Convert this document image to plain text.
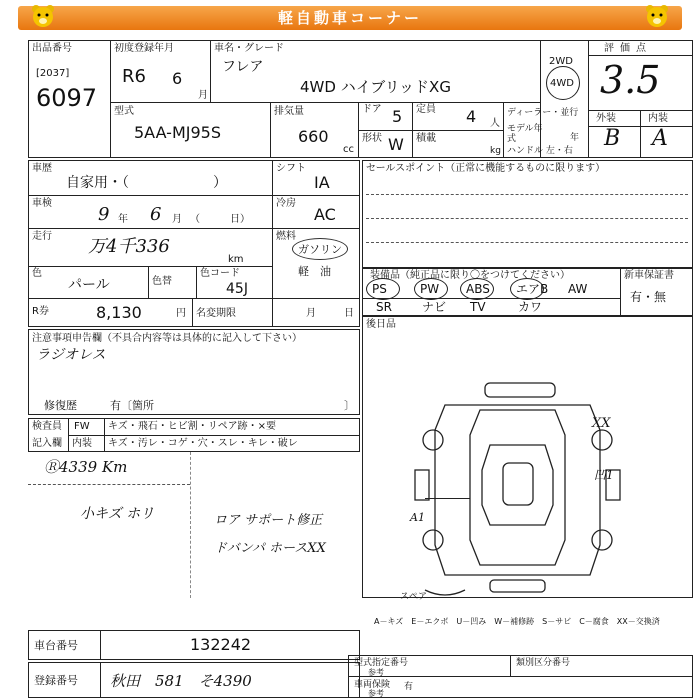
軽自動車コーナー
出品番号
[2037]
6097
初度登録年月
R6 6
月
車名・グレード
フレア
4WD ハイブリッドXG
2WD
4WD
評価点
3.5
外装	内装
B A
型式
5AA-MJ95S
排気量
660
cc
ドア 5
形状 W
定員 4 人
積載
kg
ディーラー・並行
モデル年式	年
ハンドル 左・右
車歴
自家用・（　　　　　　）
車検
9 年 6 月 （　　　日）
走行 万4千336
km
色
パール	色替
色コード
45J
シフト
IA
冷房
AC
燃料
ガソリン
軽　油
R券	8,130	円 名変期限	月	日
セールスポイント（正常に機能するものに限ります）
装備品（純正品に限り〇をつけてください）	新車保証書
有・無
PS	PW ABS エアB AW
SR	ナビ TV	カワ
後日品
注意事項申告欄（不具合内容等は具体的に記入して下さい）
ラジオレス
修復歴	有〔箇所	〕
検査員
記入欄
FW キズ・飛石・ヒビ割・リペア跡・×要
内装 キズ・汚レ・コゲ・穴・スレ・キレ・破レ
Ⓡ4339 Km
小キズ ホリ	ロア サポート修正
ドバンパ ホースXX
XX
A1
凹1
スペア
A－キズ　E－エクボ　U－凹み　W－補修跡　S－サビ　C－腐食　XX－交換済
車台番号	132242
登録番号 秋田　581　そ4390
型式指定番号
参考
類別区分番号
車両保険
参考
有
